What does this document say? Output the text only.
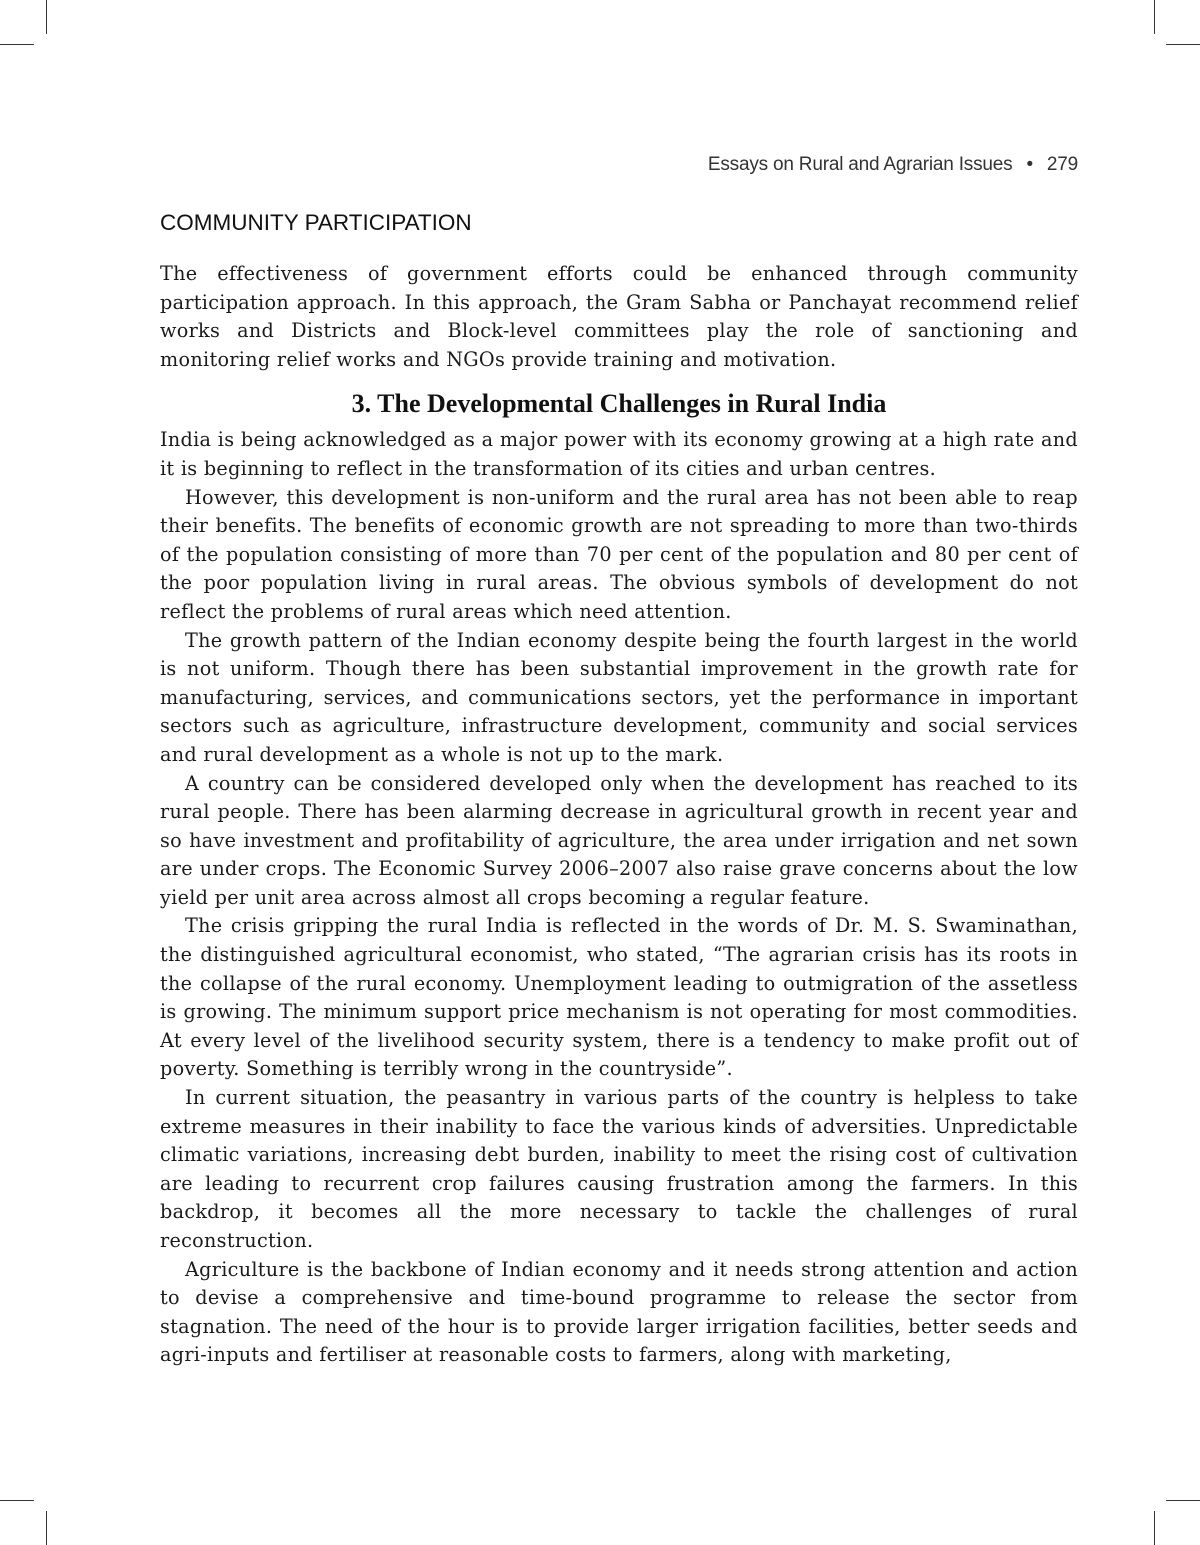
Essays on Rural and Agrarian Issues • 279
COMMUNITY PARTICIPATION

The effectiveness of government efforts could be enhanced through community participation approach. In this approach, the Gram Sabha or Panchayat recommend relief works and Districts and Block-level committees play the role of sanctioning and monitoring relief works and NGOs provide training and motivation.

3. The Developmental Challenges in Rural India

India is being acknowledged as a major power with its economy growing at a high rate and it is beginning to reflect in the transformation of its cities and urban centres.

However, this development is non-uniform and the rural area has not been able to reap their benefits. The benefits of economic growth are not spreading to more than two-thirds of the population consisting of more than 70 per cent of the population and 80 per cent of the poor population living in rural areas. The obvious symbols of development do not reflect the problems of rural areas which need attention.

The growth pattern of the Indian economy despite being the fourth largest in the world is not uniform. Though there has been substantial improvement in the growth rate for manufacturing, services, and communications sectors, yet the performance in important sectors such as agriculture, infrastructure development, community and social services and rural development as a whole is not up to the mark.

A country can be considered developed only when the development has reached to its rural people. There has been alarming decrease in agricultural growth in recent year and so have investment and profitability of agriculture, the area under irrigation and net sown are under crops. The Economic Survey 2006–2007 also raise grave concerns about the low yield per unit area across almost all crops becoming a regular feature.

The crisis gripping the rural India is reflected in the words of Dr. M. S. Swaminathan, the distinguished agricultural economist, who stated, “The agrarian crisis has its roots in the collapse of the rural economy. Unemployment leading to outmigration of the assetless is growing. The minimum support price mechanism is not operating for most commodities. At every level of the livelihood security system, there is a tendency to make profit out of poverty. Something is terribly wrong in the countryside”.

In current situation, the peasantry in various parts of the country is helpless to take extreme measures in their inability to face the various kinds of adversities. Unpredictable climatic variations, increasing debt burden, inability to meet the rising cost of cultivation are leading to recurrent crop failures causing frustration among the farmers. In this backdrop, it becomes all the more necessary to tackle the challenges of rural reconstruction.

Agriculture is the backbone of Indian economy and it needs strong attention and action to devise a comprehensive and time-bound programme to release the sector from stagnation. The need of the hour is to provide larger irrigation facilities, better seeds and agri-inputs and fertiliser at reasonable costs to farmers, along with marketing,
